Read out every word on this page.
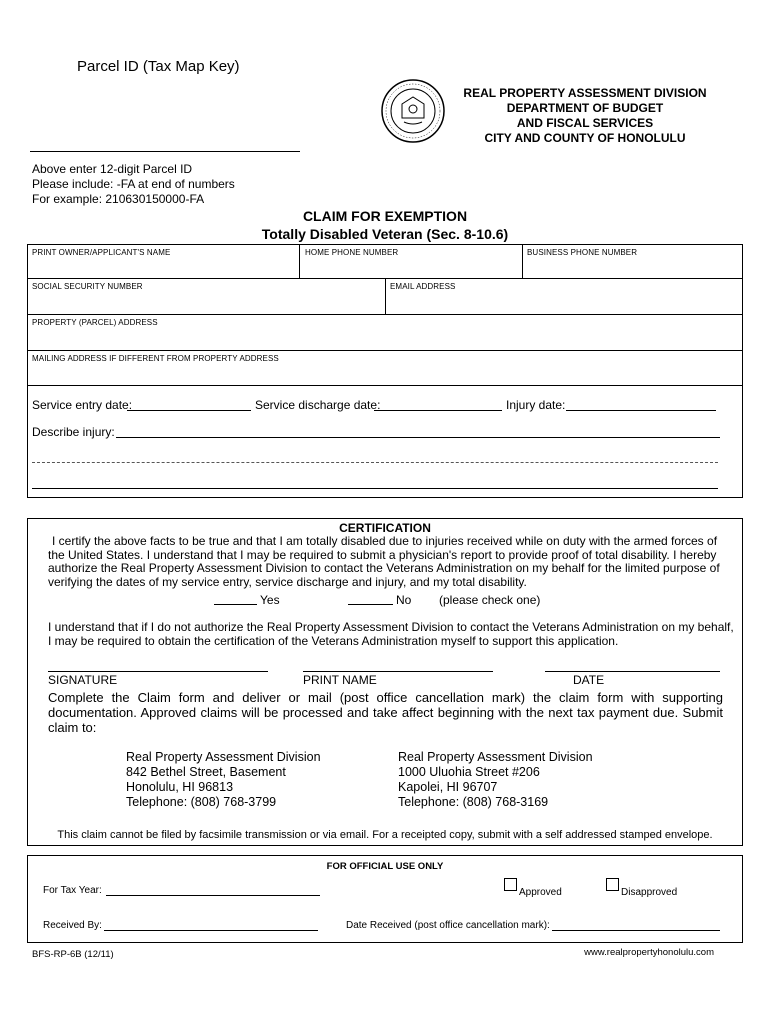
Parcel ID (Tax Map Key)
REAL PROPERTY ASSESSMENT DIVISION
DEPARTMENT OF BUDGET
AND FISCAL SERVICES
CITY AND COUNTY OF HONOLULU
Above enter 12-digit Parcel ID
Please include: -FA at end of numbers
For example: 210630150000-FA
CLAIM FOR EXEMPTION
Totally Disabled Veteran (Sec. 8-10.6)
PRINT OWNER/APPLICANT'S NAME	HOME PHONE NUMBER	BUSINESS PHONE NUMBER
SOCIAL SECURITY NUMBER	EMAIL ADDRESS
PROPERTY (PARCEL) ADDRESS
MAILING ADDRESS IF DIFFERENT FROM PROPERTY ADDRESS
Service entry date:	Service discharge date:	Injury date:
Describe injury:
CERTIFICATION
I certify the above facts to be true and that I am totally disabled due to injuries received while on duty with the armed forces of the United States. I understand that I may be required to submit a physician's report to provide proof of total disability. I hereby authorize the Real Property Assessment Division to contact the Veterans Administration on my behalf for the limited purpose of verifying the dates of my service entry, service discharge and injury, and my total disability.
Yes	No (please check one)
I understand that if I do not authorize the Real Property Assessment Division to contact the Veterans Administration on my behalf, I may be required to obtain the certification of the Veterans Administration myself to support this application.
SIGNATURE	PRINT NAME	DATE
Complete the Claim form and deliver or mail (post office cancellation mark) the claim form with supporting documentation. Approved claims will be processed and take affect beginning with the next tax payment due. Submit claim to:
Real Property Assessment Division
842 Bethel Street, Basement
Honolulu, HI 96813
Telephone: (808) 768-3799
Real Property Assessment Division
1000 Uluohia Street #206
Kapolei, HI 96707
Telephone: (808) 768-3169
This claim cannot be filed by facsimile transmission or via email. For a receipted copy, submit with a self addressed stamped envelope.
FOR OFFICIAL USE ONLY
For Tax Year:	Approved	Disapproved
Received By:	Date Received (post office cancellation mark):
BFS-RP-6B (12/11)	www.realpropertyhonolulu.com
